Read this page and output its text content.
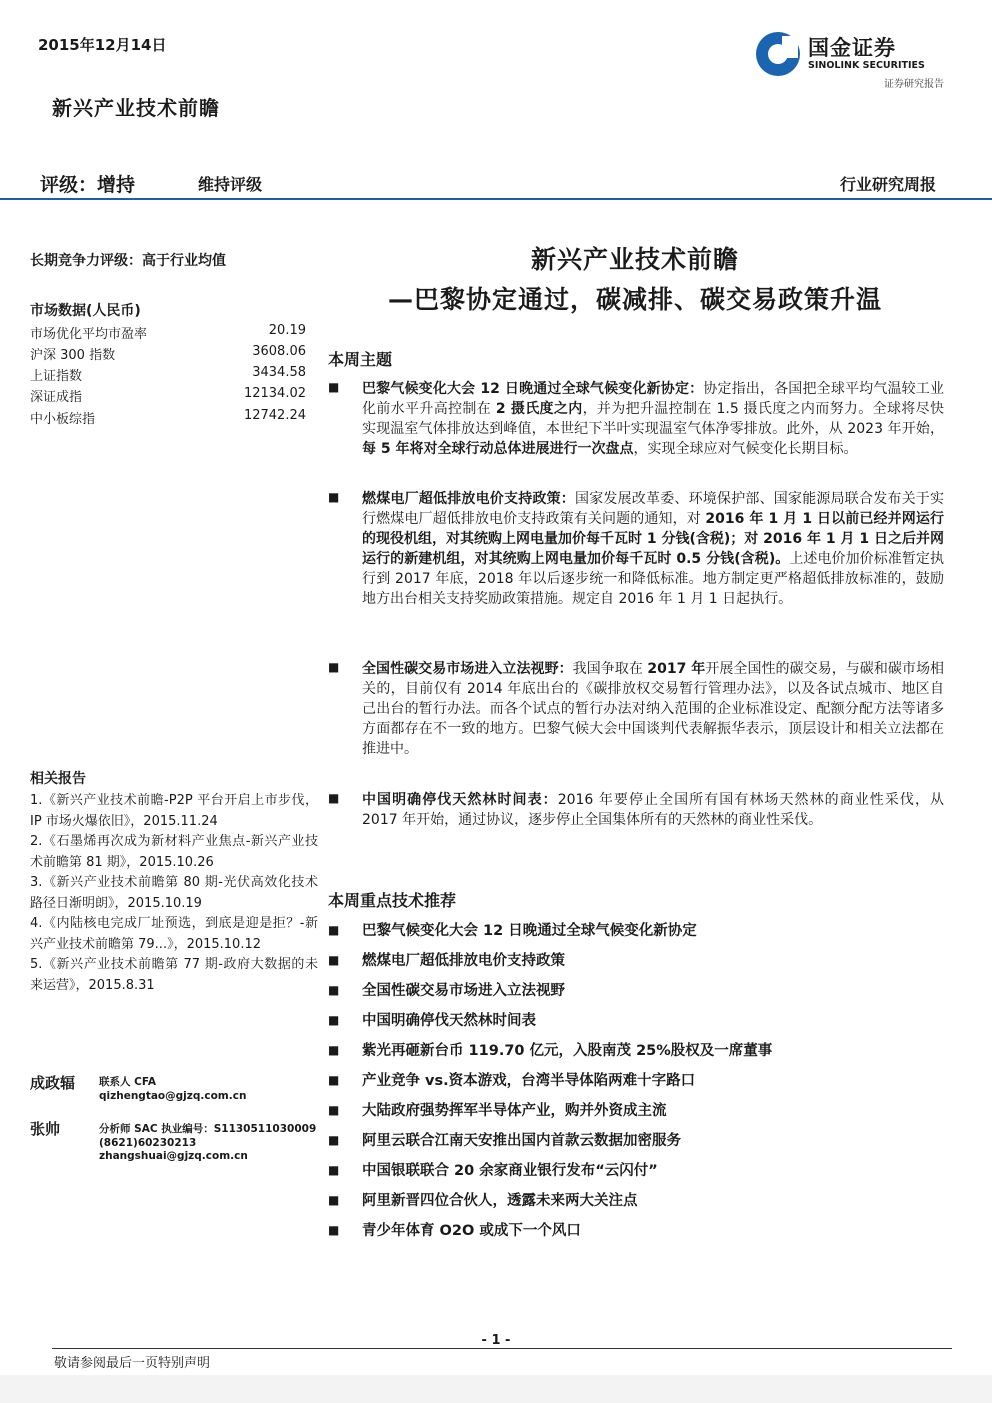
2015年12月14日
新兴产业技术前瞻
国金证券
SINOLINK SECURITIES
证券研究报告
评级：增持	维持评级	行业研究周报
长期竞争力评级：高于行业均值
市场数据(人民币)
市场优化平均市盈率	20.19
沪深 300 指数	3608.06
上证指数	3434.58
深证成指	12134.02
中小板综指	12742.24
相关报告
1.《新兴产业技术前瞻-P2P 平台开启上市步伐，IP 市场火爆依旧》，2015.11.24
2.《石墨烯再次成为新材料产业焦点-新兴产业技术前瞻第 81 期》，2015.10.26
3.《新兴产业技术前瞻第 80 期-光伏高效化技术路径日渐明朗》，2015.10.19
4.《内陆核电完成厂址预选，到底是迎是拒？-新兴产业技术前瞻第 79...》，2015.10.12
5.《新兴产业技术前瞻第 77 期-政府大数据的未来运营》，2015.8.31
成政辐 联系人 CFA
qizhengtao@gjzq.com.cn
张帅	分析师 SAC 执业编号：S1130511030009
(8621)60230213
zhangshuai@gjzq.com.cn
新兴产业技术前瞻
—巴黎协定通过，碳减排、碳交易政策升温
本周主题
■ 巴黎气候变化大会 12 日晚通过全球气候变化新协定：协定指出，各国把全球平均气温较工业化前水平升高控制在 2 摄氏度之内，并为把升温控制在 1.5 摄氏度之内而努力。全球将尽快实现温室气体排放达到峰值，本世纪下半叶实现温室气体净零排放。此外，从 2023 年开始，每 5 年将对全球行动总体进展进行一次盘点，实现全球应对气候变化长期目标。
■ 燃煤电厂超低排放电价支持政策：国家发展改革委、环境保护部、国家能源局联合发布关于实行燃煤电厂超低排放电价支持政策有关问题的通知，对 2016 年 1 月 1 日以前已经并网运行的现役机组，对其统购上网电量加价每千瓦时 1 分钱(含税)；对 2016 年 1 月 1 日之后并网运行的新建机组，对其统购上网电量加价每千瓦时 0.5 分钱(含税)。上述电价加价标准暂定执行到 2017 年底，2018 年以后逐步统一和降低标准。地方制定更严格超低排放标准的，鼓励地方出台相关支持奖励政策措施。规定自 2016 年 1 月 1 日起执行。
■ 全国性碳交易市场进入立法视野：我国争取在 2017 年开展全国性的碳交易，与碳和碳市场相关的，目前仅有 2014 年底出台的《碳排放权交易暂行管理办法》，以及各试点城市、地区自己出台的暂行办法。而各个试点的暂行办法对纳入范围的企业标准设定、配额分配方法等诸多方面都存在不一致的地方。巴黎气候大会中国谈判代表解振华表示，顶层设计和相关立法都在推进中。
■ 中国明确停伐天然林时间表：2016 年要停止全国所有国有林场天然林的商业性采伐，从 2017 年开始，通过协议，逐步停止全国集体所有的天然林的商业性采伐。
本周重点技术推荐
■ 巴黎气候变化大会 12 日晚通过全球气候变化新协定
■ 燃煤电厂超低排放电价支持政策
■ 全国性碳交易市场进入立法视野
■ 中国明确停伐天然林时间表
■ 紫光再砸新台币 119.70 亿元，入股南茂 25%股权及一席董事
■ 产业竞争 vs.资本游戏，台湾半导体陷两难十字路口
■ 大陆政府强势挥军半导体产业，购并外资成主流
■ 阿里云联合江南天安推出国内首款云数据加密服务
■ 中国银联联合 20 余家商业银行发布“云闪付”
■ 阿里新晋四位合伙人，透露未来两大关注点
■ 青少年体育 O2O 或成下一个风口
- 1 -
敬请参阅最后一页特别声明
